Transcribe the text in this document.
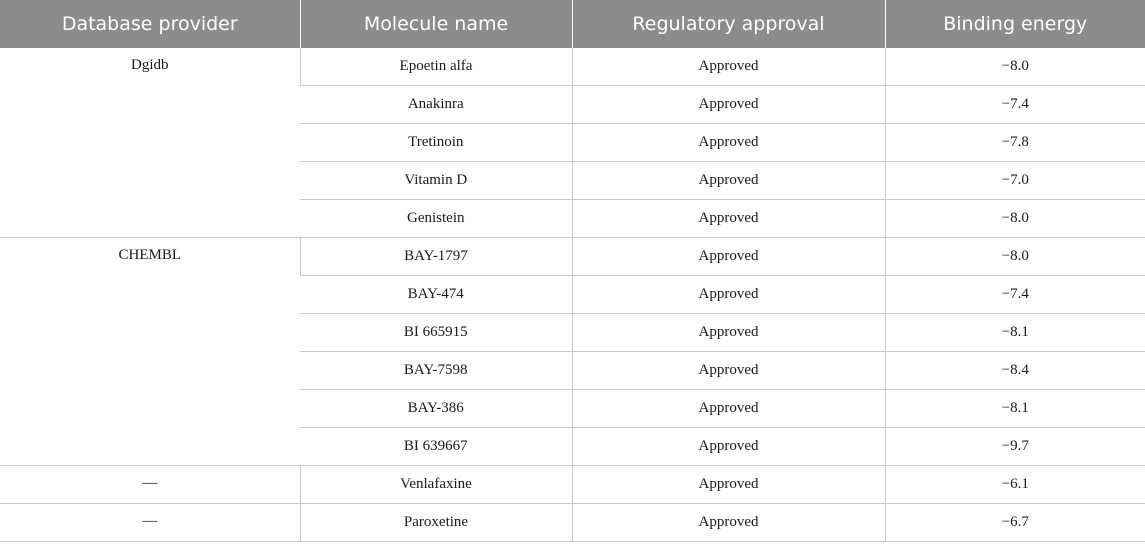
Database provider	Molecule name	Regulatory approval	Binding energy
Dgidb	Epoetin alfa	Approved	−8.0
	Anakinra	Approved	−7.4
	Tretinoin	Approved	−7.8
	Vitamin D	Approved	−7.0
	Genistein	Approved	−8.0
CHEMBL	BAY-1797	Approved	−8.0
	BAY-474	Approved	−7.4
	BI 665915	Approved	−8.1
	BAY-7598	Approved	−8.4
	BAY-386	Approved	−8.1
	BI 639667	Approved	−9.7
—	Venlafaxine	Approved	−6.1
—	Paroxetine	Approved	−6.7
